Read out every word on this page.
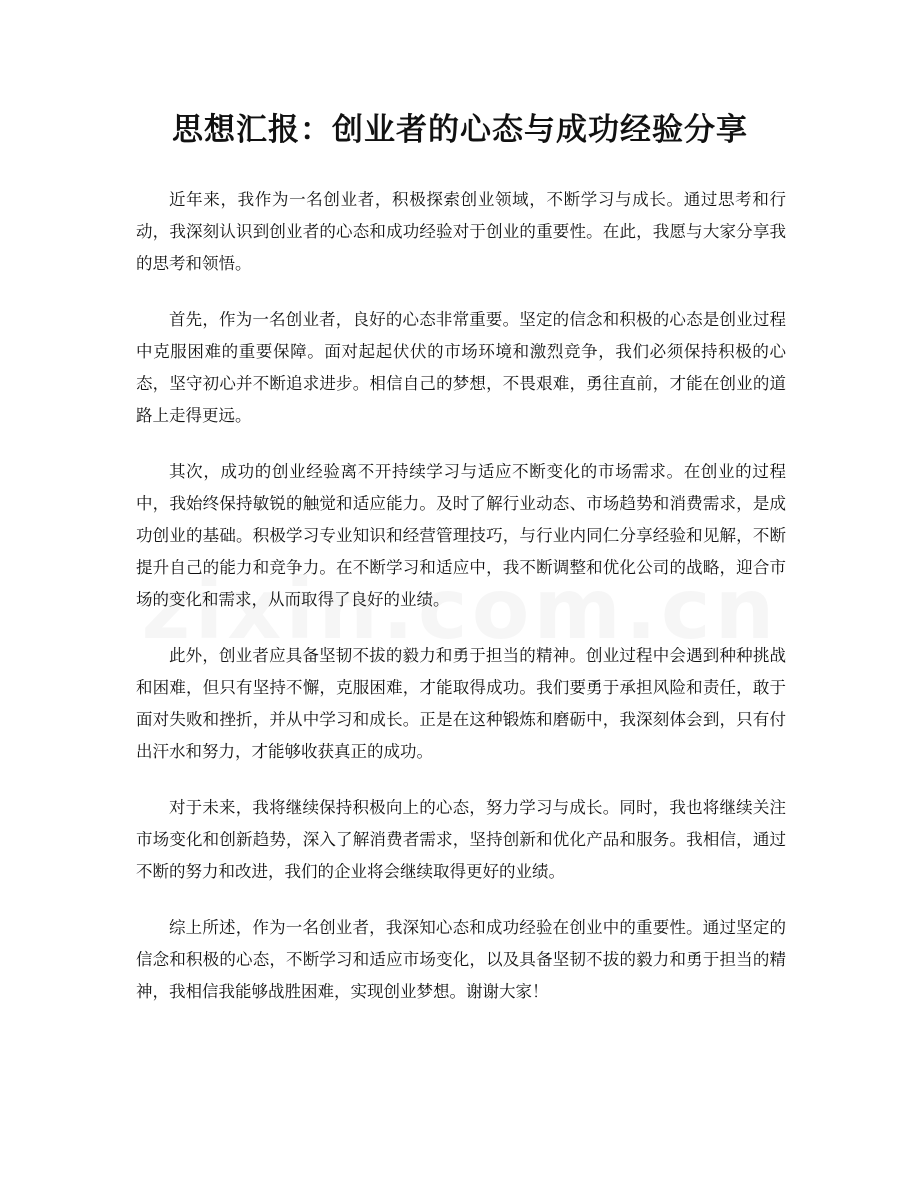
思想汇报：创业者的心态与成功经验分享

近年来，我作为一名创业者，积极探索创业领域，不断学习与成长。通过思考和行动，我深刻认识到创业者的心态和成功经验对于创业的重要性。在此，我愿与大家分享我的思考和领悟。

首先，作为一名创业者，良好的心态非常重要。坚定的信念和积极的心态是创业过程中克服困难的重要保障。面对起起伏伏的市场环境和激烈竞争，我们必须保持积极的心态，坚守初心并不断追求进步。相信自己的梦想，不畏艰难，勇往直前，才能在创业的道路上走得更远。

其次，成功的创业经验离不开持续学习与适应不断变化的市场需求。在创业的过程中，我始终保持敏锐的触觉和适应能力。及时了解行业动态、市场趋势和消费需求，是成功创业的基础。积极学习专业知识和经营管理技巧，与行业内同仁分享经验和见解，不断提升自己的能力和竞争力。在不断学习和适应中，我不断调整和优化公司的战略，迎合市场的变化和需求，从而取得了良好的业绩。

此外，创业者应具备坚韧不拔的毅力和勇于担当的精神。创业过程中会遇到种种挑战和困难，但只有坚持不懈，克服困难，才能取得成功。我们要勇于承担风险和责任，敢于面对失败和挫折，并从中学习和成长。正是在这种锻炼和磨砺中，我深刻体会到，只有付出汗水和努力，才能够收获真正的成功。

对于未来，我将继续保持积极向上的心态，努力学习与成长。同时，我也将继续关注市场变化和创新趋势，深入了解消费者需求，坚持创新和优化产品和服务。我相信，通过不断的努力和改进，我们的企业将会继续取得更好的业绩。

综上所述，作为一名创业者，我深知心态和成功经验在创业中的重要性。通过坚定的信念和积极的心态，不断学习和适应市场变化，以及具备坚韧不拔的毅力和勇于担当的精神，我相信我能够战胜困难，实现创业梦想。谢谢大家！
